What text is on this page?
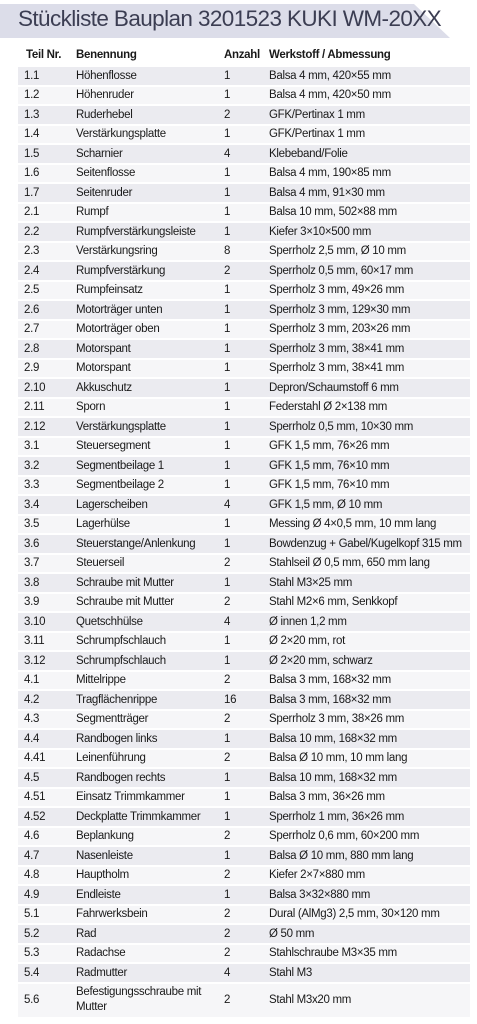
Stückliste Bauplan 3201523 KUKI WM-20XX
Teil Nr.	Benennung	Anzahl	Werkstoff / Abmessung
1.1	Höhenflosse	1	Balsa 4 mm, 420×55 mm
1.2	Höhenruder	1	Balsa 4 mm, 420×50 mm
1.3	Ruderhebel	2	GFK/Pertinax 1 mm
1.4	Verstärkungsplatte	1	GFK/Pertinax 1 mm
1.5	Scharnier	4	Klebeband/Folie
1.6	Seitenflosse	1	Balsa 4 mm, 190×85 mm
1.7	Seitenruder	1	Balsa 4 mm, 91×30 mm
2.1	Rumpf	1	Balsa 10 mm, 502×88 mm
2.2	Rumpfverstärkungsleiste	1	Kiefer 3×10×500 mm
2.3	Verstärkungsring	8	Sperrholz 2,5 mm, Ø 10 mm
2.4	Rumpfverstärkung	2	Sperrholz 0,5 mm, 60×17 mm
2.5	Rumpfeinsatz	1	Sperrholz 3 mm, 49×26 mm
2.6	Motorträger unten	1	Sperrholz 3 mm, 129×30 mm
2.7	Motorträger oben	1	Sperrholz 3 mm, 203×26 mm
2.8	Motorspant	1	Sperrholz 3 mm, 38×41 mm
2.9	Motorspant	1	Sperrholz 3 mm, 38×41 mm
2.10	Akkuschutz	1	Depron/Schaumstoff 6 mm
2.11	Sporn	1	Federstahl Ø 2×138 mm
2.12	Verstärkungsplatte	1	Sperrholz 0,5 mm, 10×30 mm
3.1	Steuersegment	1	GFK 1,5 mm, 76×26 mm
3.2	Segmentbeilage 1	1	GFK 1,5 mm, 76×10 mm
3.3	Segmentbeilage 2	1	GFK 1,5 mm, 76×10 mm
3.4	Lagerscheiben	4	GFK 1,5 mm, Ø 10 mm
3.5	Lagerhülse	1	Messing Ø 4×0,5 mm, 10 mm lang
3.6	Steuerstange/Anlenkung	1	Bowdenzug + Gabel/Kugelkopf 315 mm
3.7	Steuerseil	2	Stahlseil Ø 0,5 mm, 650 mm lang
3.8	Schraube mit Mutter	1	Stahl M3×25 mm
3.9	Schraube mit Mutter	2	Stahl M2×6 mm, Senkkopf
3.10	Quetschhülse	4	Ø innen 1,2 mm
3.11	Schrumpfschlauch	1	Ø 2×20 mm, rot
3.12	Schrumpfschlauch	1	Ø 2×20 mm, schwarz
4.1	Mittelrippe	2	Balsa 3 mm, 168×32 mm
4.2	Tragflächenrippe	16	Balsa 3 mm, 168×32 mm
4.3	Segmentträger	2	Sperrholz 3 mm, 38×26 mm
4.4	Randbogen links	1	Balsa 10 mm, 168×32 mm
4.41	Leinenführung	2	Balsa Ø 10 mm, 10 mm lang
4.5	Randbogen rechts	1	Balsa 10 mm, 168×32 mm
4.51	Einsatz Trimmkammer	1	Balsa 3 mm, 36×26 mm
4.52	Deckplatte Trimmkammer	1	Sperrholz 1 mm, 36×26 mm
4.6	Beplankung	2	Sperrholz 0,6 mm, 60×200 mm
4.7	Nasenleiste	1	Balsa Ø 10 mm, 880 mm lang
4.8	Hauptholm	2	Kiefer 2×7×880 mm
4.9	Endleiste	1	Balsa 3×32×880 mm
5.1	Fahrwerksbein	2	Dural (AlMg3) 2,5 mm, 30×120 mm
5.2	Rad	2	Ø 50 mm
5.3	Radachse	2	Stahlschraube M3×35 mm
5.4	Radmutter	4	Stahl M3
5.6	Befestigungsschraube mit Mutter	2	Stahl M3x20 mm
